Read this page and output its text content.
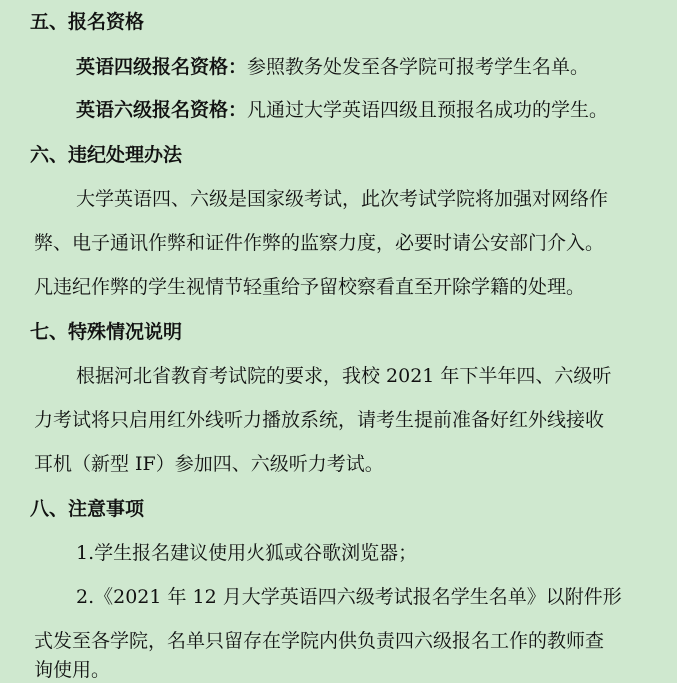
五、报名资格
英语四级报名资格：参照教务处发至各学院可报考学生名单。
英语六级报名资格：凡通过大学英语四级且预报名成功的学生。
六、违纪处理办法
大学英语四、六级是国家级考试，此次考试学院将加强对网络作
弊、电子通讯作弊和证件作弊的监察力度，必要时请公安部门介入。
凡违纪作弊的学生视情节轻重给予留校察看直至开除学籍的处理。
七、特殊情况说明
根据河北省教育考试院的要求，我校 2021 年下半年四、六级听
力考试将只启用红外线听力播放系统，请考生提前准备好红外线接收
耳机（新型 IF）参加四、六级听力考试。
八、注意事项
1.学生报名建议使用火狐或谷歌浏览器；
2.《2021 年 12 月大学英语四六级考试报名学生名单》以附件形
式发至各学院，名单只留存在学院内供负责四六级报名工作的教师查
询使用。
